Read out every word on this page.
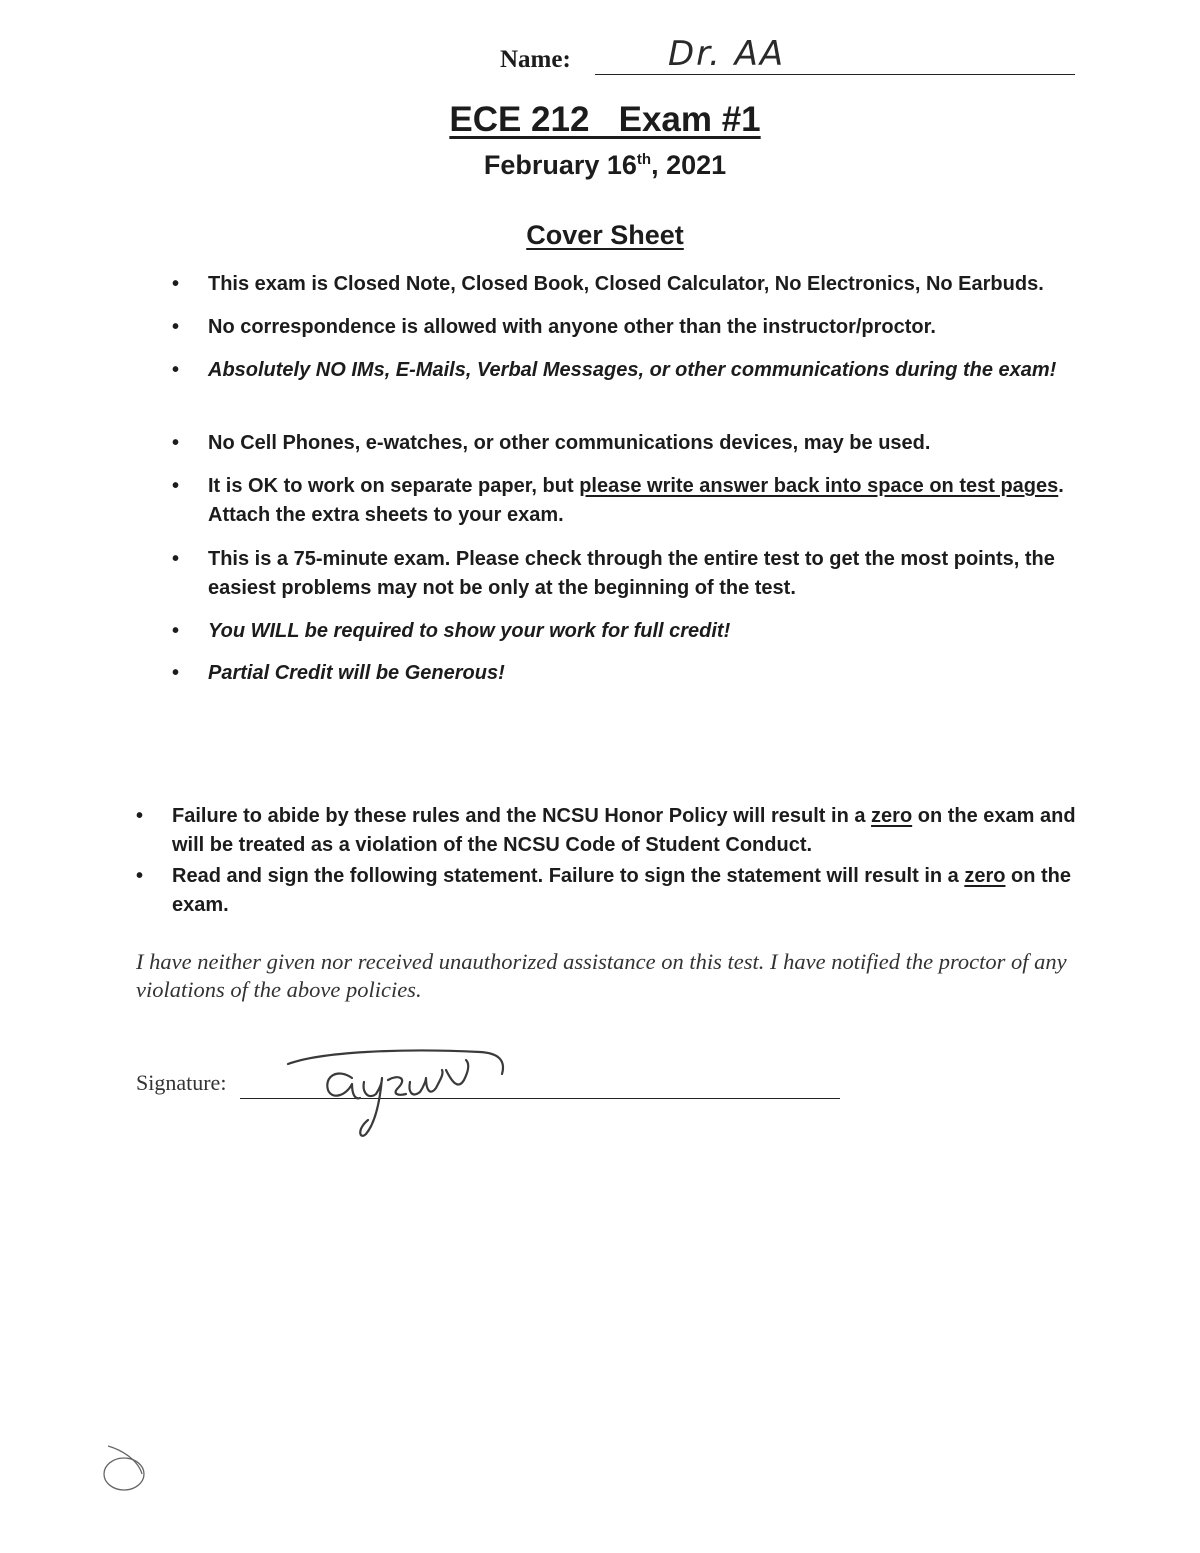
Name:	Dr. AA
ECE 212   Exam #1
February 16th, 2021
Cover Sheet
• This exam is Closed Note, Closed Book, Closed Calculator, No Electronics, No Earbuds.
• No correspondence is allowed with anyone other than the instructor/proctor.
• Absolutely NO IMs, E-Mails, Verbal Messages, or other communications during the exam!
• No Cell Phones, e-watches, or other communications devices, may be used.
• It is OK to work on separate paper, but please write answer back into space on test pages. Attach the extra sheets to your exam.
• This is a 75-minute exam. Please check through the entire test to get the most points, the easiest problems may not be only at the beginning of the test.
• You WILL be required to show your work for full credit!
• Partial Credit will be Generous!
• Failure to abide by these rules and the NCSU Honor Policy will result in a zero on the exam and will be treated as a violation of the NCSU Code of Student Conduct.
• Read and sign the following statement. Failure to sign the statement will result in a zero on the exam.
I have neither given nor received unauthorized assistance on this test. I have notified the proctor of any violations of the above policies.
Signature:
